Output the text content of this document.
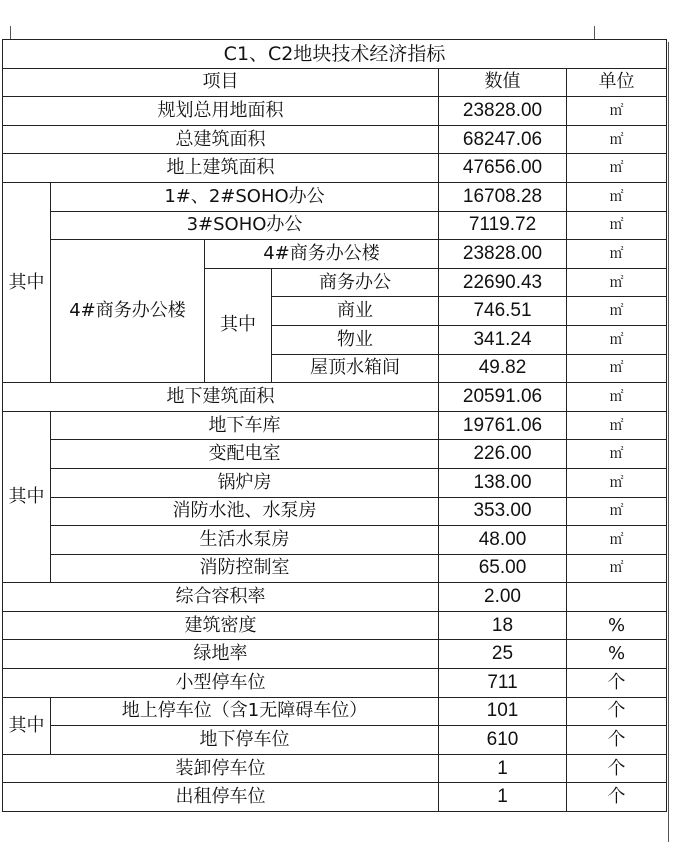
C1、C2地块技术经济指标					
项目				数值	单位
规划总用地面积				23828.00	㎡
总建筑面积				68247.06	㎡
地上建筑面积				47656.00	㎡
其中	1#、2#SOHO办公			16708.28	㎡
	3#SOHO办公			7119.72	㎡
	4#商务办公楼	4#商务办公楼		23828.00	㎡
		其中	商务办公	22690.43	㎡
			商业	746.51	㎡
			物业	341.24	㎡
			屋顶水箱间	49.82	㎡
地下建筑面积				20591.06	㎡
其中	地下车库			19761.06	㎡
	变配电室			226.00	㎡
	锅炉房			138.00	㎡
	消防水池、水泵房			353.00	㎡
	生活水泵房			48.00	㎡
	消防控制室			65.00	㎡
综合容积率				2.00	
建筑密度				18	%
绿地率				25	%
小型停车位				711	个
其中	地上停车位（含1无障碍车位）			101	个
	地下停车位			610	个
装卸停车位				1	个
出租停车位				1	个
